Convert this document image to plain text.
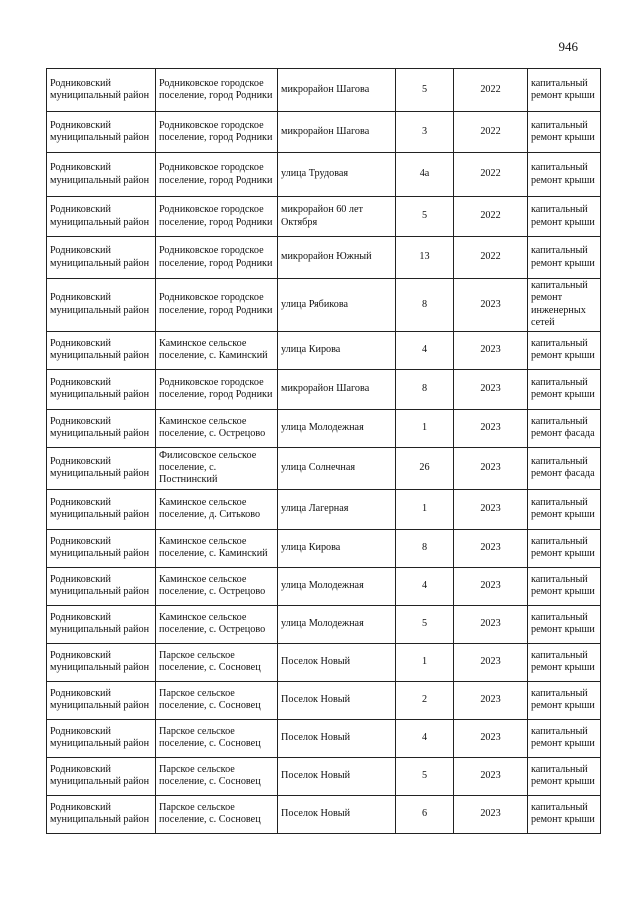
946
Родниковский муниципальный район	Родниковское городское поселение, город Родники	микрорайон Шагова	5	2022	капитальный ремонт крыши
Родниковский муниципальный район	Родниковское городское поселение, город Родники	микрорайон Шагова	3	2022	капитальный ремонт крыши
Родниковский муниципальный район	Родниковское городское поселение, город Родники	улица Трудовая	4а	2022	капитальный ремонт крыши
Родниковский муниципальный район	Родниковское городское поселение, город Родники	микрорайон 60 лет Октября	5	2022	капитальный ремонт крыши
Родниковский муниципальный район	Родниковское городское поселение, город Родники	микрорайон Южный	13	2022	капитальный ремонт крыши
Родниковский муниципальный район	Родниковское городское поселение, город Родники	улица Рябикова	8	2023	капитальный ремонт инженерных сетей
Родниковский муниципальный район	Каминское сельское поселение, с. Каминский	улица Кирова	4	2023	капитальный ремонт крыши
Родниковский муниципальный район	Родниковское городское поселение, город Родники	микрорайон Шагова	8	2023	капитальный ремонт крыши
Родниковский муниципальный район	Каминское сельское поселение, с. Острецово	улица Молодежная	1	2023	капитальный ремонт фасада
Родниковский муниципальный район	Филисовское сельское поселение, с. Постнинский	улица Солнечная	26	2023	капитальный ремонт фасада
Родниковский муниципальный район	Каминское сельское поселение, д. Ситьково	улица Лагерная	1	2023	капитальный ремонт крыши
Родниковский муниципальный район	Каминское сельское поселение, с. Каминский	улица Кирова	8	2023	капитальный ремонт крыши
Родниковский муниципальный район	Каминское сельское поселение, с. Острецово	улица Молодежная	4	2023	капитальный ремонт крыши
Родниковский муниципальный район	Каминское сельское поселение, с. Острецово	улица Молодежная	5	2023	капитальный ремонт крыши
Родниковский муниципальный район	Парское сельское поселение, с. Сосновец	Поселок Новый	1	2023	капитальный ремонт крыши
Родниковский муниципальный район	Парское сельское поселение, с. Сосновец	Поселок Новый	2	2023	капитальный ремонт крыши
Родниковский муниципальный район	Парское сельское поселение, с. Сосновец	Поселок Новый	4	2023	капитальный ремонт крыши
Родниковский муниципальный район	Парское сельское поселение, с. Сосновец	Поселок Новый	5	2023	капитальный ремонт крыши
Родниковский муниципальный район	Парское сельское поселение, с. Сосновец	Поселок Новый	6	2023	капитальный ремонт крыши
